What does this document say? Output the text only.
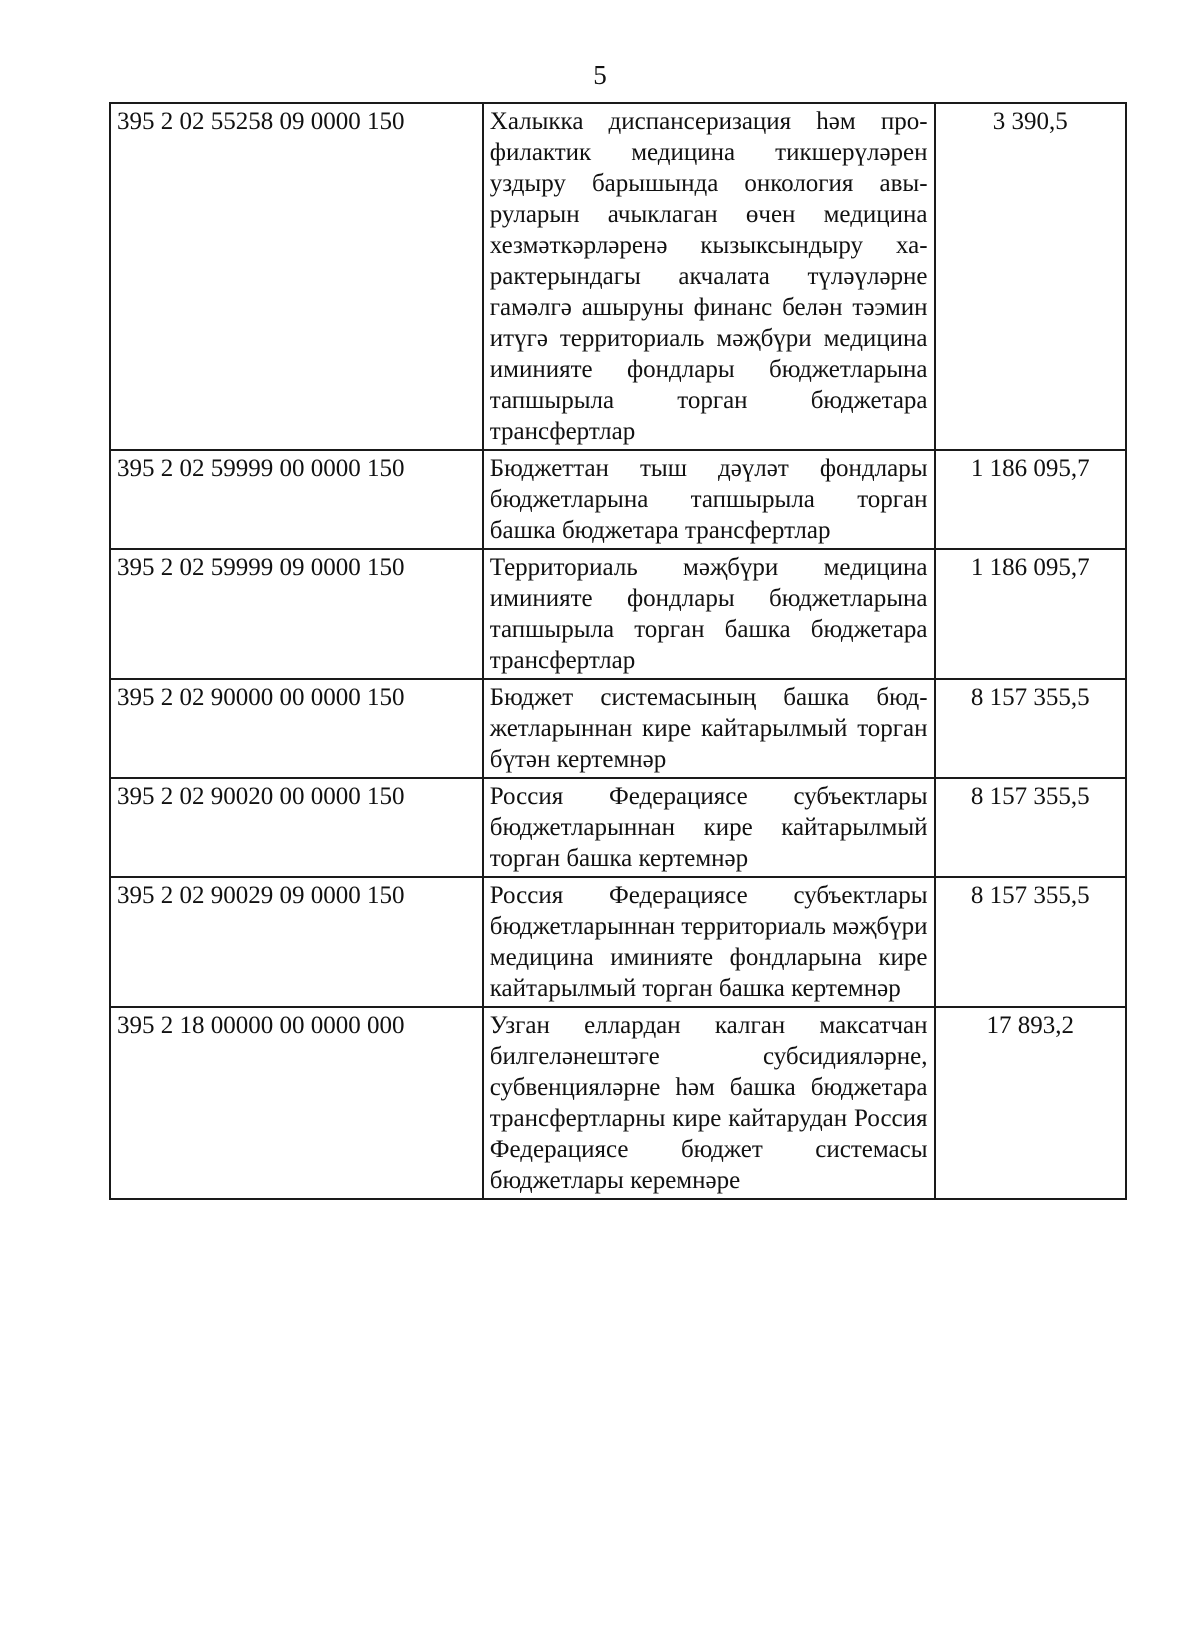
5
395 2 02 55258 09 0000 150	Халыкка диспансеризация һәм профилактик медицина тикшерүләрен уздыру барышында онкология авыруларын ачыклаган өчен медицина хезмәткәрләренә кызыксындыру характерындагы акчалата түләүләрне гамәлгә ашыруны финанс белән тәэмин итүгә территориаль мәҗбүри медицина иминияте фондлары бюджетларына тапшырыла торган бюджетара трансфертлар	3 390,5
395 2 02 59999 00 0000 150	Бюджеттан тыш дәүләт фондлары бюджетларына тапшырыла торган башка бюджетара трансфертлар	1 186 095,7
395 2 02 59999 09 0000 150	Территориаль мәҗбүри медицина иминияте фондлары бюджетларына тапшырыла торган башка бюджетара трансфертлар	1 186 095,7
395 2 02 90000 00 0000 150	Бюджет системасының башка бюджетларыннан кире кайтарылмый торган бүтән кертемнәр	8 157 355,5
395 2 02 90020 00 0000 150	Россия Федерациясе субъектлары бюджетларыннан кире кайтарылмый торган башка кертемнәр	8 157 355,5
395 2 02 90029 09 0000 150	Россия Федерациясе субъектлары бюджетларыннан территориаль мәҗбүри медицина иминияте фондларына кире кайтарылмый торган башка кертемнәр	8 157 355,5
395 2 18 00000 00 0000 000	Узган еллардан калган максатчан билгеләнештәге субсидияләрне, субвенцияләрне һәм башка бюджетара трансфертларны кире кайтарудан Россия Федерациясе бюджет системасы бюджетлары керемнәре	17 893,2
